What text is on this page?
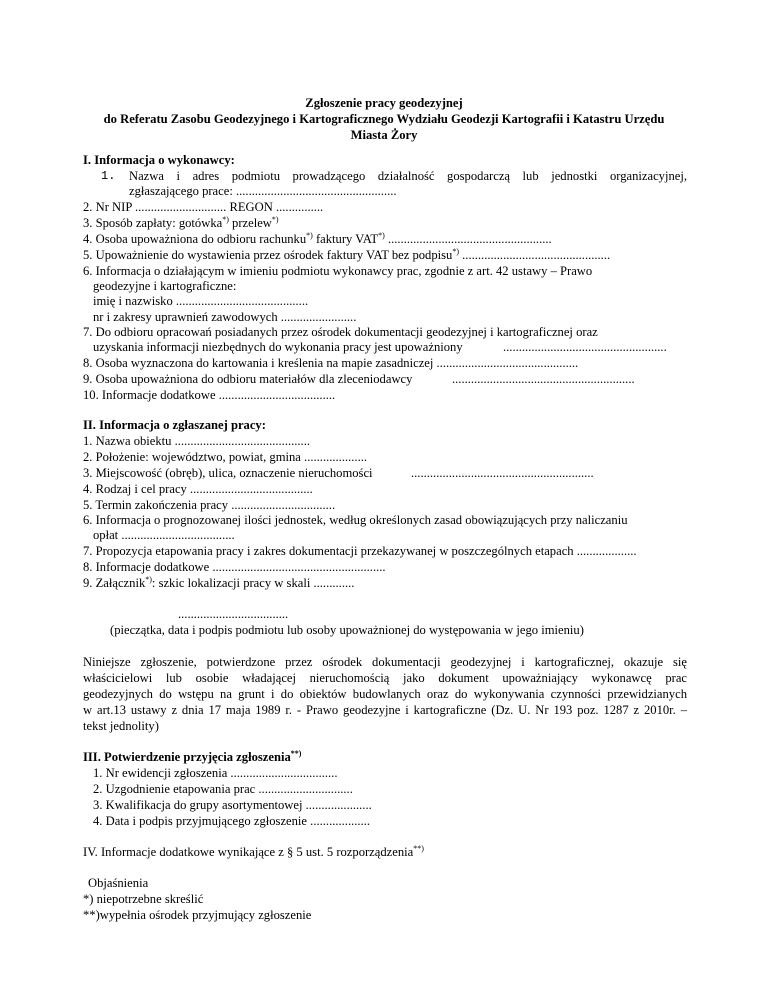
Zgłoszenie pracy geodezyjnej
do Referatu Zasobu Geodezyjnego i Kartograficznego Wydziału Geodezji Kartografii i Katastru Urzędu
Miasta Żory
I. Informacja o wykonawcy:
1. Nazwa i adres podmiotu prowadzącego działalność gospodarczą lub jednostki organizacyjnej,
zgłaszającego prace: ...................................................
2. Nr NIP ............................. REGON ...............
3. Sposób zapłaty: gotówka*) przelew*)
4. Osoba upoważniona do odbioru rachunku*) faktury VAT*) ....................................................
5. Upoważnienie do wystawienia przez ośrodek faktury VAT bez podpisu*) ...............................................
6. Informacja o działającym w imieniu podmiotu wykonawcy prac, zgodnie z art. 42 ustawy – Prawo
geodezyjne i kartograficzne:
imię i nazwisko ..........................................
nr i zakresy uprawnień zawodowych ........................
7. Do odbioru opracowań posiadanych przez ośrodek dokumentacji geodezyjnej i kartograficznej oraz
uzyskania informacji niezbędnych do wykonania pracy jest upoważniony	....................................................
8. Osoba wyznaczona do kartowania i kreślenia na mapie zasadniczej .............................................
9. Osoba upoważniona do odbioru materiałów dla zleceniodawcy	..........................................................
10. Informacje dodatkowe .....................................
II. Informacja o zgłaszanej pracy:
1. Nazwa obiektu ...........................................
2. Położenie: województwo, powiat, gmina ....................
3. Miejscowość (obręb), ulica, oznaczenie nieruchomości	..........................................................
4. Rodzaj i cel pracy .......................................
5. Termin zakończenia pracy .................................
6. Informacja o prognozowanej ilości jednostek, według określonych zasad obowiązujących przy naliczaniu
opłat ....................................
7. Propozycja etapowania pracy i zakres dokumentacji przekazywanej w poszczególnych etapach ...................
8. Informacje dodatkowe .......................................................
9. Załącznik*): szkic lokalizacji pracy w skali .............
...................................
(pieczątka, data i podpis podmiotu lub osoby upoważnionej do występowania w jego imieniu)
Niniejsze zgłoszenie, potwierdzone przez ośrodek dokumentacji geodezyjnej i kartograficznej, okazuje się
właścicielowi lub osobie władającej nieruchomością jako dokument upoważniający wykonawcę prac
geodezyjnych do wstępu na grunt i do obiektów budowlanych oraz do wykonywania czynności przewidzianych
w art.13 ustawy z dnia 17 maja 1989 r. - Prawo geodezyjne i kartograficzne (Dz. U. Nr 193 poz. 1287 z 2010r. –
tekst jednolity)
III. Potwierdzenie przyjęcia zgłoszenia**)
1. Nr ewidencji zgłoszenia ..................................
2. Uzgodnienie etapowania prac ..............................
3. Kwalifikacja do grupy asortymentowej .....................
4. Data i podpis przyjmującego zgłoszenie ...................
IV. Informacje dodatkowe wynikające z § 5 ust. 5 rozporządzenia**)
Objaśnienia
*) niepotrzebne skreślić
**)wypełnia ośrodek przyjmujący zgłoszenie
